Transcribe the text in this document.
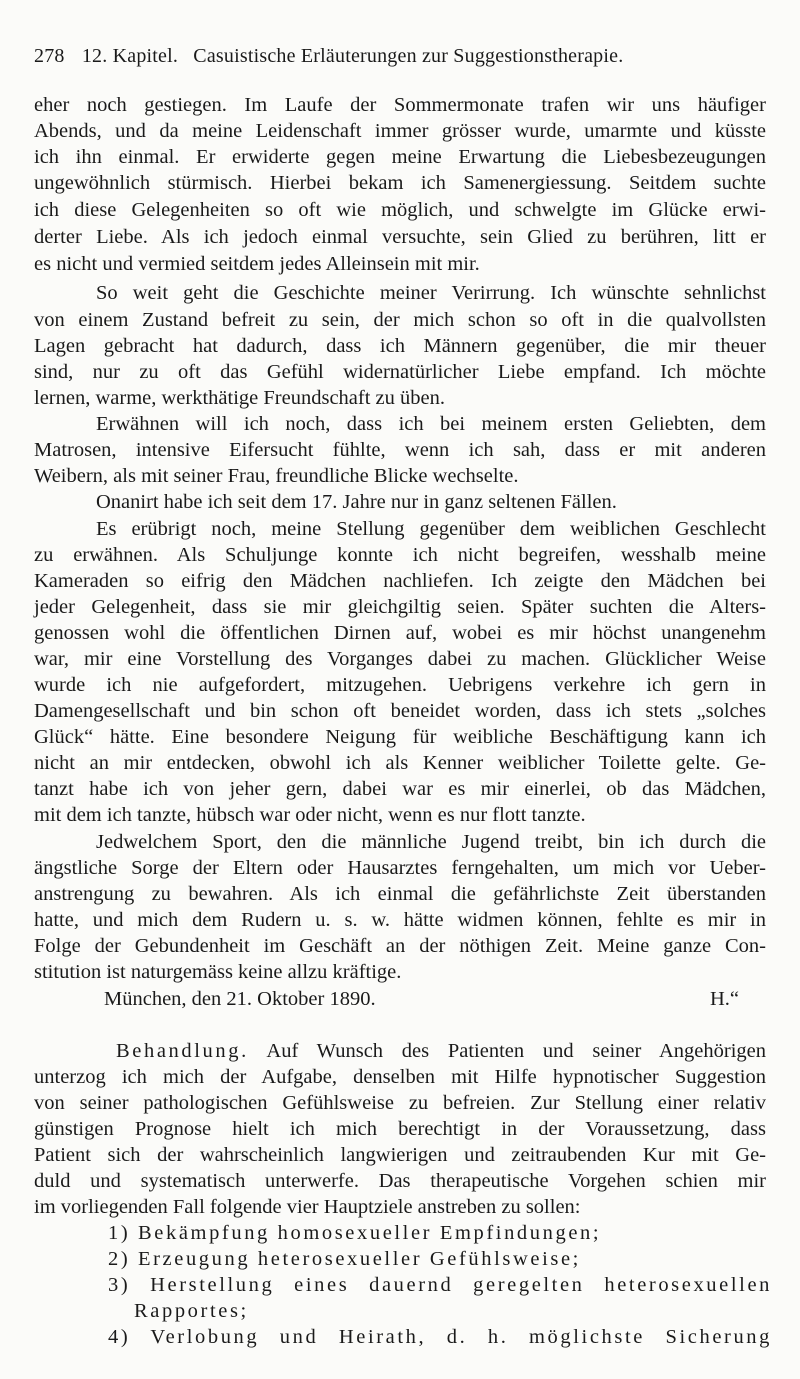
278 12. Kapitel. Casuistische Erläuterungen zur Suggestionstherapie.
eher noch gestiegen. Im Laufe der Sommermonate trafen wir uns häufiger
Abends, und da meine Leidenschaft immer grösser wurde, umarmte und küsste
ich ihn einmal. Er erwiderte gegen meine Erwartung die Liebesbezeugungen
ungewöhnlich stürmisch. Hierbei bekam ich Samenergiessung. Seitdem suchte
ich diese Gelegenheiten so oft wie möglich, und schwelgte im Glücke erwi-
derter Liebe. Als ich jedoch einmal versuchte, sein Glied zu berühren, litt er
es nicht und vermied seitdem jedes Alleinsein mit mir.
So weit geht die Geschichte meiner Verirrung. Ich wünschte sehnlichst
von einem Zustand befreit zu sein, der mich schon so oft in die qualvollsten
Lagen gebracht hat dadurch, dass ich Männern gegenüber, die mir theuer
sind, nur zu oft das Gefühl widernatürlicher Liebe empfand. Ich möchte
lernen, warme, werkthätige Freundschaft zu üben.
Erwähnen will ich noch, dass ich bei meinem ersten Geliebten, dem
Matrosen, intensive Eifersucht fühlte, wenn ich sah, dass er mit anderen
Weibern, als mit seiner Frau, freundliche Blicke wechselte.
Onanirt habe ich seit dem 17. Jahre nur in ganz seltenen Fällen.
Es erübrigt noch, meine Stellung gegenüber dem weiblichen Geschlecht
zu erwähnen. Als Schuljunge konnte ich nicht begreifen, wesshalb meine
Kameraden so eifrig den Mädchen nachliefen. Ich zeigte den Mädchen bei
jeder Gelegenheit, dass sie mir gleichgiltig seien. Später suchten die Alters-
genossen wohl die öffentlichen Dirnen auf, wobei es mir höchst unangenehm
war, mir eine Vorstellung des Vorganges dabei zu machen. Glücklicher Weise
wurde ich nie aufgefordert, mitzugehen. Uebrigens verkehre ich gern in
Damengesellschaft und bin schon oft beneidet worden, dass ich stets „solches
Glück“ hätte. Eine besondere Neigung für weibliche Beschäftigung kann ich
nicht an mir entdecken, obwohl ich als Kenner weiblicher Toilette gelte. Ge-
tanzt habe ich von jeher gern, dabei war es mir einerlei, ob das Mädchen,
mit dem ich tanzte, hübsch war oder nicht, wenn es nur flott tanzte.
Jedwelchem Sport, den die männliche Jugend treibt, bin ich durch die
ängstliche Sorge der Eltern oder Hausarztes ferngehalten, um mich vor Ueber-
anstrengung zu bewahren. Als ich einmal die gefährlichste Zeit überstanden
hatte, und mich dem Rudern u. s. w. hätte widmen können, fehlte es mir in
Folge der Gebundenheit im Geschäft an der nöthigen Zeit. Meine ganze Con-
stitution ist naturgemäss keine allzu kräftige.
München, den 21. Oktober 1890.	H.“
Behandlung. Auf Wunsch des Patienten und seiner Angehörigen
unterzog ich mich der Aufgabe, denselben mit Hilfe hypnotischer Suggestion
von seiner pathologischen Gefühlsweise zu befreien. Zur Stellung einer relativ
günstigen Prognose hielt ich mich berechtigt in der Voraussetzung, dass
Patient sich der wahrscheinlich langwierigen und zeitraubenden Kur mit Ge-
duld und systematisch unterwerfe. Das therapeutische Vorgehen schien mir
im vorliegenden Fall folgende vier Hauptziele anstreben zu sollen:
1) Bekämpfung homosexueller Empfindungen;
2) Erzeugung heterosexueller Gefühlsweise;
3) Herstellung eines dauernd geregelten heterosexuellen
Rapportes;
4) Verlobung und Heirath, d. h. möglichste Sicherung
